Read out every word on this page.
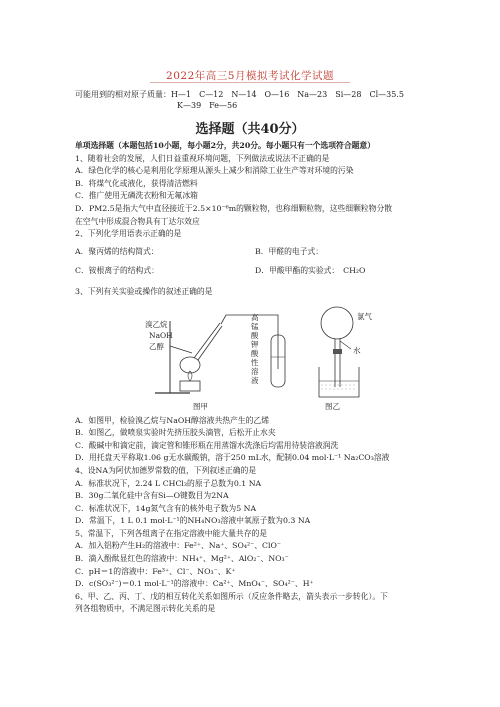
2022年高三5月模拟考试化学试题
可能用到的相对原子质量：H—1　C—12　N—14　O—16　Na—23　Si—28　Cl—35.5
K—39　Fe—56
选择题（共40分）
单项选择题（本题包括10小题，每小题2分，共20分。每小题只有一个选项符合题意）
1、随着社会的发展，人们日益重视环境问题，下列做法或说法不正确的是
A．绿色化学的核心是利用化学原理从源头上减少和消除工业生产等对环境的污染
B．将煤气化或液化，获得清洁燃料
C．推广使用无磷洗衣粉和无氟冰箱
D．PM2.5是指大气中直径接近于2.5×10⁻⁶m的颗粒物，也称细颗粒物，这些细颗粒物分散
在空气中形成混合物具有丁达尔效应
2、下列化学用语表示正确的是
A．聚丙烯的结构简式：	B．甲醛的电子式：
C．铵根离子的结构式：	D．甲酸甲酯的实验式：　CH₂O
3、下列有关实验或操作的叙述正确的是
溴乙烷
NaOH
乙醇
高锰酸钾酸性溶液
图甲
氯气
水
图乙
A．如图甲，检验溴乙烷与NaOH醇溶液共热产生的乙烯
B．如图乙，做喷泉实验时先挤压胶头滴管，后松开止水夹
C．酸碱中和滴定前，滴定管和锥形瓶在用蒸馏水洗涤后均需用待装溶液润洗
D．用托盘天平称取1.06 g无水碳酸钠，溶于250 mL水，配制0.04 mol·L⁻¹ Na₂CO₃溶液
4、设NA为阿伏加德罗常数的值，下列叙述正确的是
A．标准状况下，2.24 L CHCl₃的原子总数为0.1 NA
B．30g二氧化硅中含有Si—O键数目为2NA
C．标准状况下，14g氮气含有的核外电子数为5 NA
D．常温下，1 L 0.1 mol·L⁻¹的NH₄NO₃溶液中氧原子数为0.3 NA
5、常温下，下列各组离子在指定溶液中能大量共存的是
A．加入铝粉产生H₂的溶液中：Fe²⁺、Na⁺、SO₄²⁻、ClO⁻
B．滴入酚酞显红色的溶液中：NH₄⁺、Mg²⁺、AlO₂⁻、NO₃⁻
C．pH＝1的溶液中：Fe³⁺、Cl⁻、NO₃⁻、K⁺
D．c(SO₃²⁻)＝0.1 mol·L⁻¹的溶液中：Ca²⁺、MnO₄⁻、SO₄²⁻、H⁺
6、甲、乙、丙、丁、戊的相互转化关系如图所示（反应条件略去，箭头表示一步转化）。下
列各组物质中，不满足图示转化关系的是
